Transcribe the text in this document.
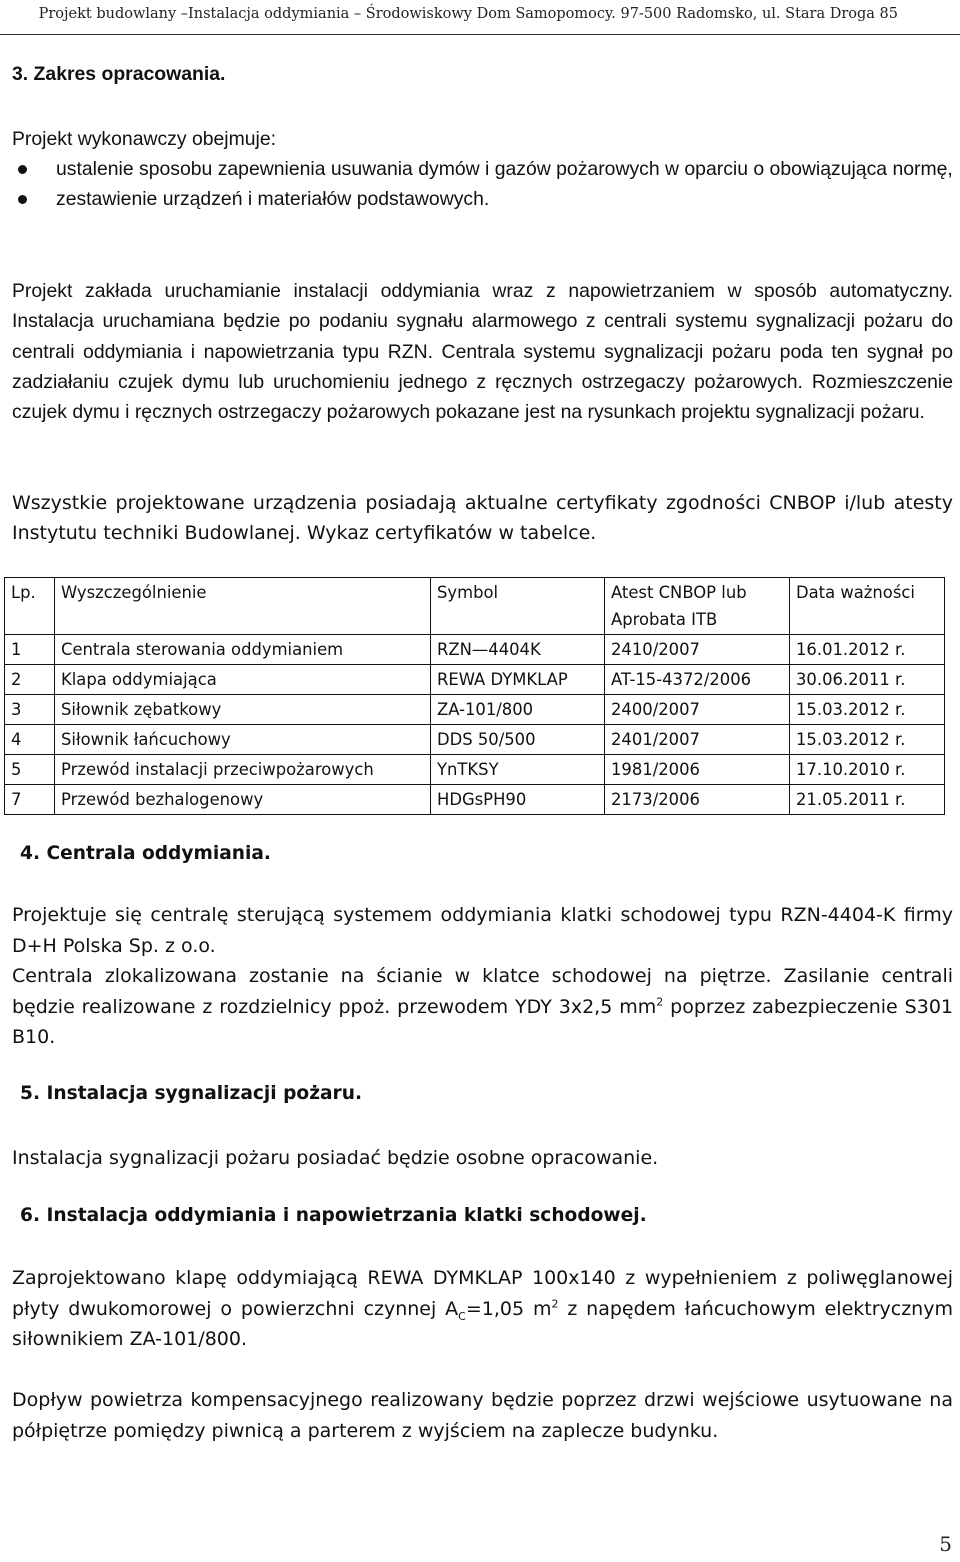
Projekt budowlany –Instalacja oddymiania – Środowiskowy Dom Samopomocy. 97-500 Radomsko, ul. Stara Droga 85
3. Zakres opracowania.

Projekt wykonawczy obejmuje:

ustalenie sposobu zapewnienia usuwania dymów i gazów pożarowych w oparciu o obowiązująca normę,
zestawienie urządzeń i materiałów podstawowych.

Projekt zakłada uruchamianie instalacji oddymiania wraz z napowietrzaniem w sposób automatyczny. Instalacja uruchamiana będzie po podaniu sygnału alarmowego z centrali systemu sygnalizacji pożaru do centrali oddymiania i napowietrzania typu RZN. Centrala systemu sygnalizacji pożaru poda ten sygnał po zadziałaniu czujek dymu lub uruchomieniu jednego z ręcznych ostrzegaczy pożarowych. Rozmieszczenie czujek dymu i ręcznych ostrzegaczy pożarowych pokazane jest na rysunkach projektu sygnalizacji pożaru.

Wszystkie projektowane urządzenia posiadają aktualne certyfikaty zgodności CNBOP i/lub atesty Instytutu techniki Budowlanej. Wykaz certyfikatów w tabelce.

Lp.	Wyszczególnienie	Symbol	Atest CNBOP lub Aprobata ITB	Data ważności
1	Centrala sterowania oddymianiem	RZN—4404K	2410/2007	16.01.2012 r.
2	Klapa oddymiająca	REWA DYMKLAP	AT-15-4372/2006	30.06.2011 r.
3	Siłownik zębatkowy	ZA-101/800	2400/2007	15.03.2012 r.
4	Siłownik łańcuchowy	DDS 50/500	2401/2007	15.03.2012 r.
5	Przewód instalacji przeciwpożarowych	YnTKSY	1981/2006	17.10.2010 r.
7	Przewód bezhalogenowy	HDGsPH90	2173/2006	21.05.2011 r.
4. Centrala oddymiania.

Projektuje się centralę sterującą systemem oddymiania klatki schodowej typu RZN-4404-K firmy D+H Polska Sp. z o.o.

Centrala zlokalizowana zostanie na ścianie w klatce schodowej na piętrze. Zasilanie centrali będzie realizowane z rozdzielnicy ppoż. przewodem YDY 3x2,5 $mm^2$ poprzez zabezpieczenie S301 B10.

5. Instalacja sygnalizacji pożaru.

Instalacja sygnalizacji pożaru posiadać będzie osobne opracowanie.

6. Instalacja oddymiania i napowietrzania klatki schodowej.

Zaprojektowano klapę oddymiającą REWA DYMKLAP 100x140 z wypełnieniem z poliwęglanowej płyty dwukomorowej o powierzchni czynnej $A_C=1,05$ $m^2$ z napędem łańcuchowym elektrycznym siłownikiem ZA-101/800.

Dopływ powietrza kompensacyjnego realizowany będzie poprzez drzwi wejściowe usytuowane na półpiętrze pomiędzy piwnicą a parterem z wyjściem na zaplecze budynku.

5
